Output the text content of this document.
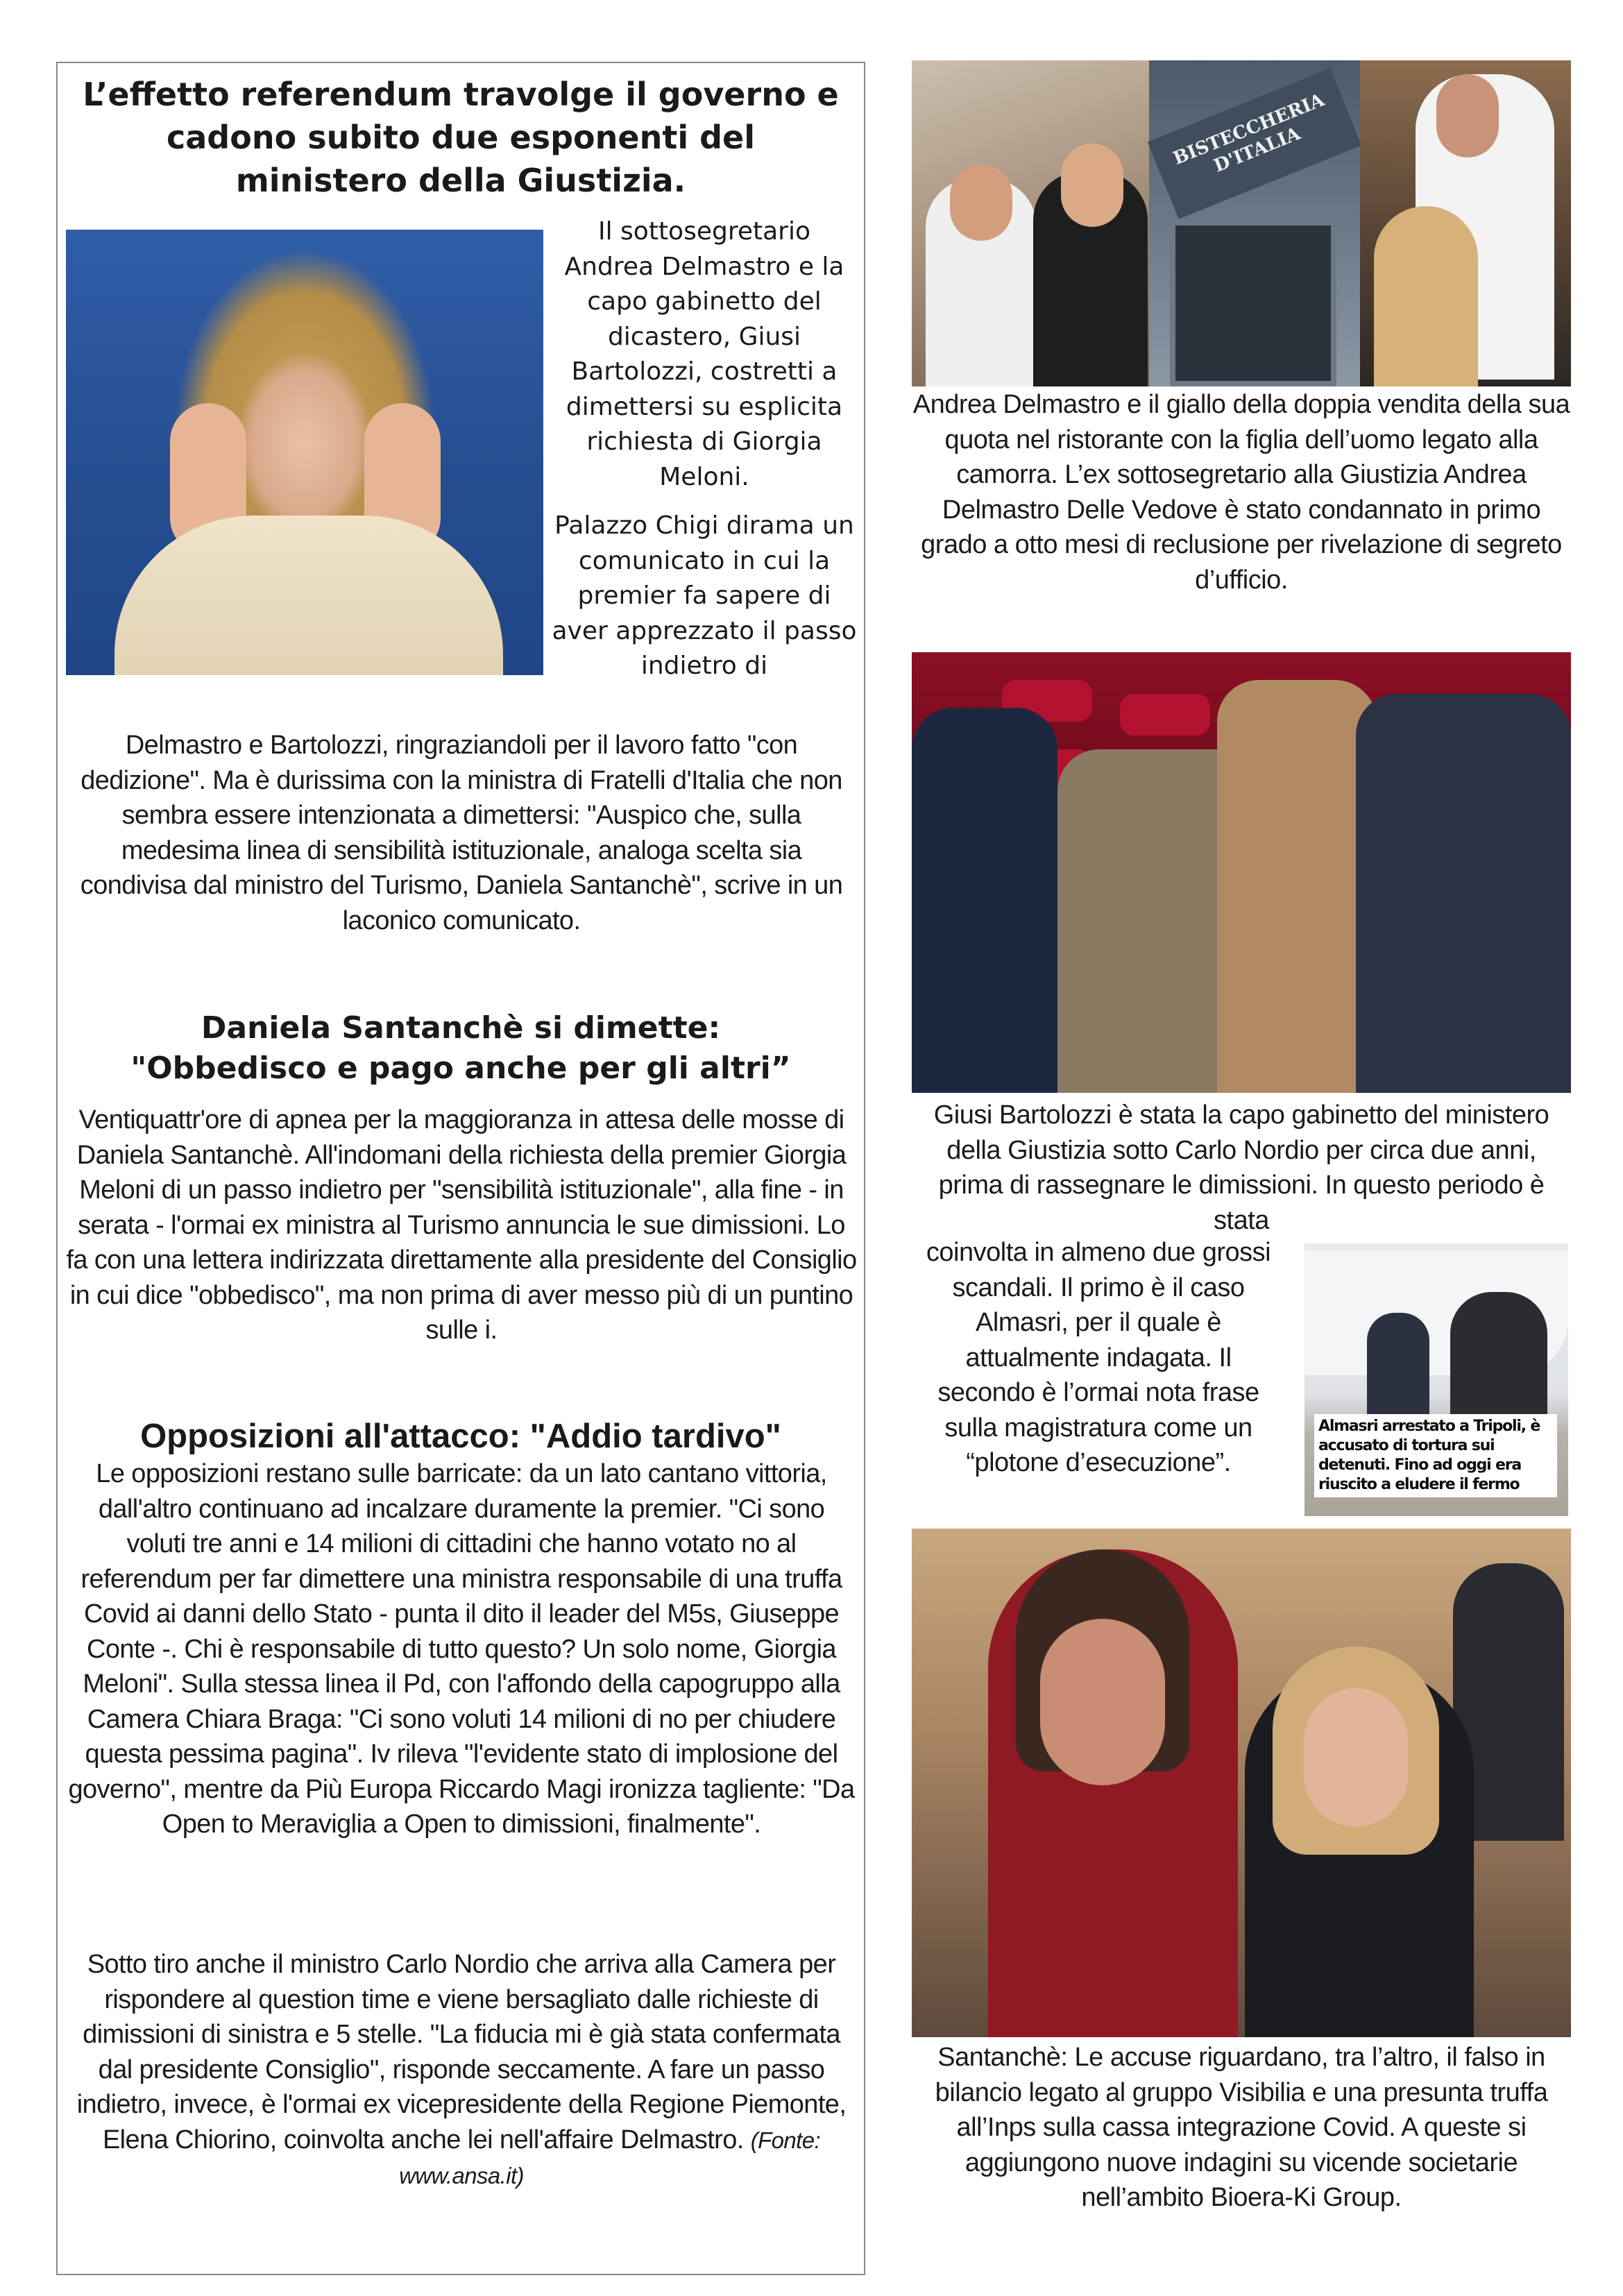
L’effetto referendum travolge il governo e cadono subito due esponenti del ministero della Giustizia.

Il sottosegretario Andrea Delmastro e la capo gabinetto del dicastero, Giusi Bartolozzi, costretti a dimettersi su esplicita richiesta di Giorgia Meloni.

Palazzo Chigi dirama un comunicato in cui la premier fa sapere di aver apprezzato il passo indietro di

Delmastro e Bartolozzi, ringraziandoli per il lavoro fatto "con dedizione". Ma è durissima con la ministra di Fratelli d'Italia che non sembra essere intenzionata a dimettersi: "Auspico che, sulla medesima linea di sensibilità istituzionale, analoga scelta sia condivisa dal ministro del Turismo, Daniela Santanchè", scrive in un laconico comunicato.

Daniela Santanchè si dimette:
"Obbedisco e pago anche per gli altri”

Ventiquattr'ore di apnea per la maggioranza in attesa delle mosse di Daniela Santanchè. All'indomani della richiesta della premier Giorgia Meloni di un passo indietro per "sensibilità istituzionale", alla fine - in serata - l'ormai ex ministra al Turismo annuncia le sue dimissioni. Lo fa con una lettera indirizzata direttamente alla presidente del Consiglio in cui dice "obbedisco", ma non prima di aver messo più di un puntino sulle i.

Opposizioni all'attacco: "Addio tardivo"

Le opposizioni restano sulle barricate: da un lato cantano vittoria, dall'altro continuano ad incalzare duramente la premier. "Ci sono voluti tre anni e 14 milioni di cittadini che hanno votato no al referendum per far dimettere una ministra responsabile di una truffa Covid ai danni dello Stato - punta il dito il leader del M5s, Giuseppe Conte -. Chi è responsabile di tutto questo? Un solo nome, Giorgia Meloni". Sulla stessa linea il Pd, con l'affondo della capogruppo alla Camera Chiara Braga: "Ci sono voluti 14 milioni di no per chiudere questa pessima pagina". Iv rileva "l'evidente stato di implosione del governo", mentre da Più Europa Riccardo Magi ironizza tagliente: "Da Open to Meraviglia a Open to dimissioni, finalmente".

Sotto tiro anche il ministro Carlo Nordio che arriva alla Camera per rispondere al question time e viene bersagliato dalle richieste di dimissioni di sinistra e 5 stelle. "La fiducia mi è già stata confermata dal presidente Consiglio", risponde seccamente. A fare un passo indietro, invece, è l'ormai ex vicepresidente della Regione Piemonte, Elena Chiorino, coinvolta anche lei nell'affaire Delmastro. (Fonte: www.ansa.it)

BISTECCHERIA D'ITALIA

Andrea Delmastro e il giallo della doppia vendita della sua quota nel ristorante con la figlia dell’uomo legato alla camorra. L’ex sottosegretario alla Giustizia Andrea Delmastro Delle Vedove è stato condannato in primo grado a otto mesi di reclusione per rivelazione di segreto d’ufficio.

Giusi Bartolozzi è stata la capo gabinetto del ministero della Giustizia sotto Carlo Nordio per circa due anni, prima di rassegnare le dimissioni. In questo periodo è stata

coinvolta in almeno due grossi scandali. Il primo è il caso Almasri, per il quale è attualmente indagata. Il secondo è l’ormai nota frase sulla magistratura come un “plotone d’esecuzione”.

Almasri arrestato a Tripoli, è accusato di tortura sui detenuti. Fino ad oggi era riuscito a eludere il fermo

Santanchè: Le accuse riguardano, tra l’altro, il falso in bilancio legato al gruppo Visibilia e una presunta truffa all’Inps sulla cassa integrazione Covid. A queste si aggiungono nuove indagini su vicende societarie nell’ambito Bioera-Ki Group.
